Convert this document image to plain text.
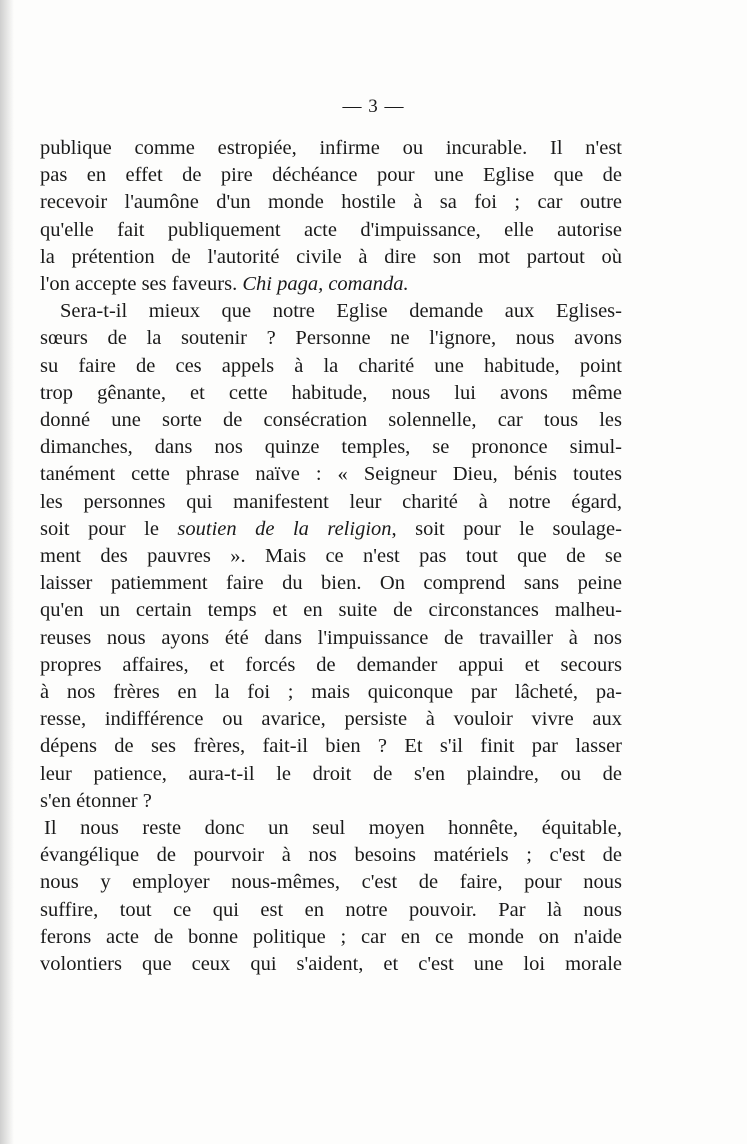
— 3 —
publique comme estropiée, infirme ou incurable. Il n'est
pas en effet de pire déchéance pour une Eglise que de
recevoir l'aumône d'un monde hostile à sa foi ; car outre
qu'elle fait publiquement acte d'impuissance, elle autorise
la prétention de l'autorité civile à dire son mot partout où
l'on accepte ses faveurs. Chi paga, comanda.
Sera-t-il mieux que notre Eglise demande aux Eglises-
sœurs de la soutenir ? Personne ne l'ignore, nous avons
su faire de ces appels à la charité une habitude, point
trop gênante, et cette habitude, nous lui avons même
donné une sorte de consécration solennelle, car tous les
dimanches, dans nos quinze temples, se prononce simul-
tanément cette phrase naïve : « Seigneur Dieu, bénis toutes
les personnes qui manifestent leur charité à notre égard,
soit pour le soutien de la religion, soit pour le soulage-
ment des pauvres ». Mais ce n'est pas tout que de se
laisser patiemment faire du bien. On comprend sans peine
qu'en un certain temps et en suite de circonstances malheu-
reuses nous ayons été dans l'impuissance de travailler à nos
propres affaires, et forcés de demander appui et secours
à nos frères en la foi ; mais quiconque par lâcheté, pa-
resse, indifférence ou avarice, persiste à vouloir vivre aux
dépens de ses frères, fait-il bien ? Et s'il finit par lasser
leur patience, aura-t-il le droit de s'en plaindre, ou de
s'en étonner ?
Il nous reste donc un seul moyen honnête, équitable,
évangélique de pourvoir à nos besoins matériels ; c'est de
nous y employer nous-mêmes, c'est de faire, pour nous
suffire, tout ce qui est en notre pouvoir. Par là nous
ferons acte de bonne politique ; car en ce monde on n'aide
volontiers que ceux qui s'aident, et c'est une loi morale
